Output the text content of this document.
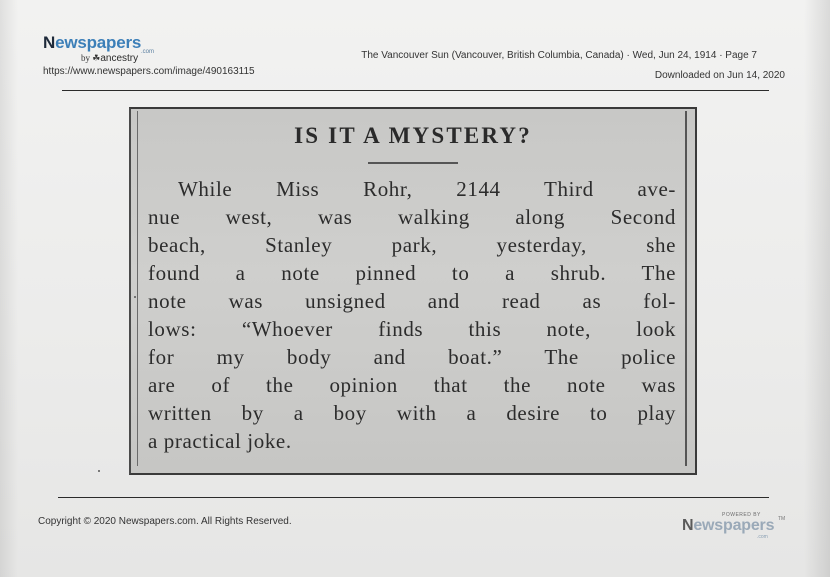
Newspapers .com
by ☘ancestry
https://www.newspapers.com/image/490163115
The Vancouver Sun (Vancouver, British Columbia, Canada) · Wed, Jun 24, 1914 · Page 7
Downloaded on Jun 14, 2020
IS IT A MYSTERY?
While Miss Rohr, 2144 Third ave-
nue west, was walking along Second
beach, Stanley park, yesterday, she
found a note pinned to a shrub. The
note was unsigned and read as fol-
lows: “Whoever finds this note, look
for my body and boat.” The police
are of the opinion that the note was
written by a boy with a desire to play
a practical joke.
Copyright © 2020 Newspapers.com. All Rights Reserved.
POWERED BY
Newspapers TM
.com
